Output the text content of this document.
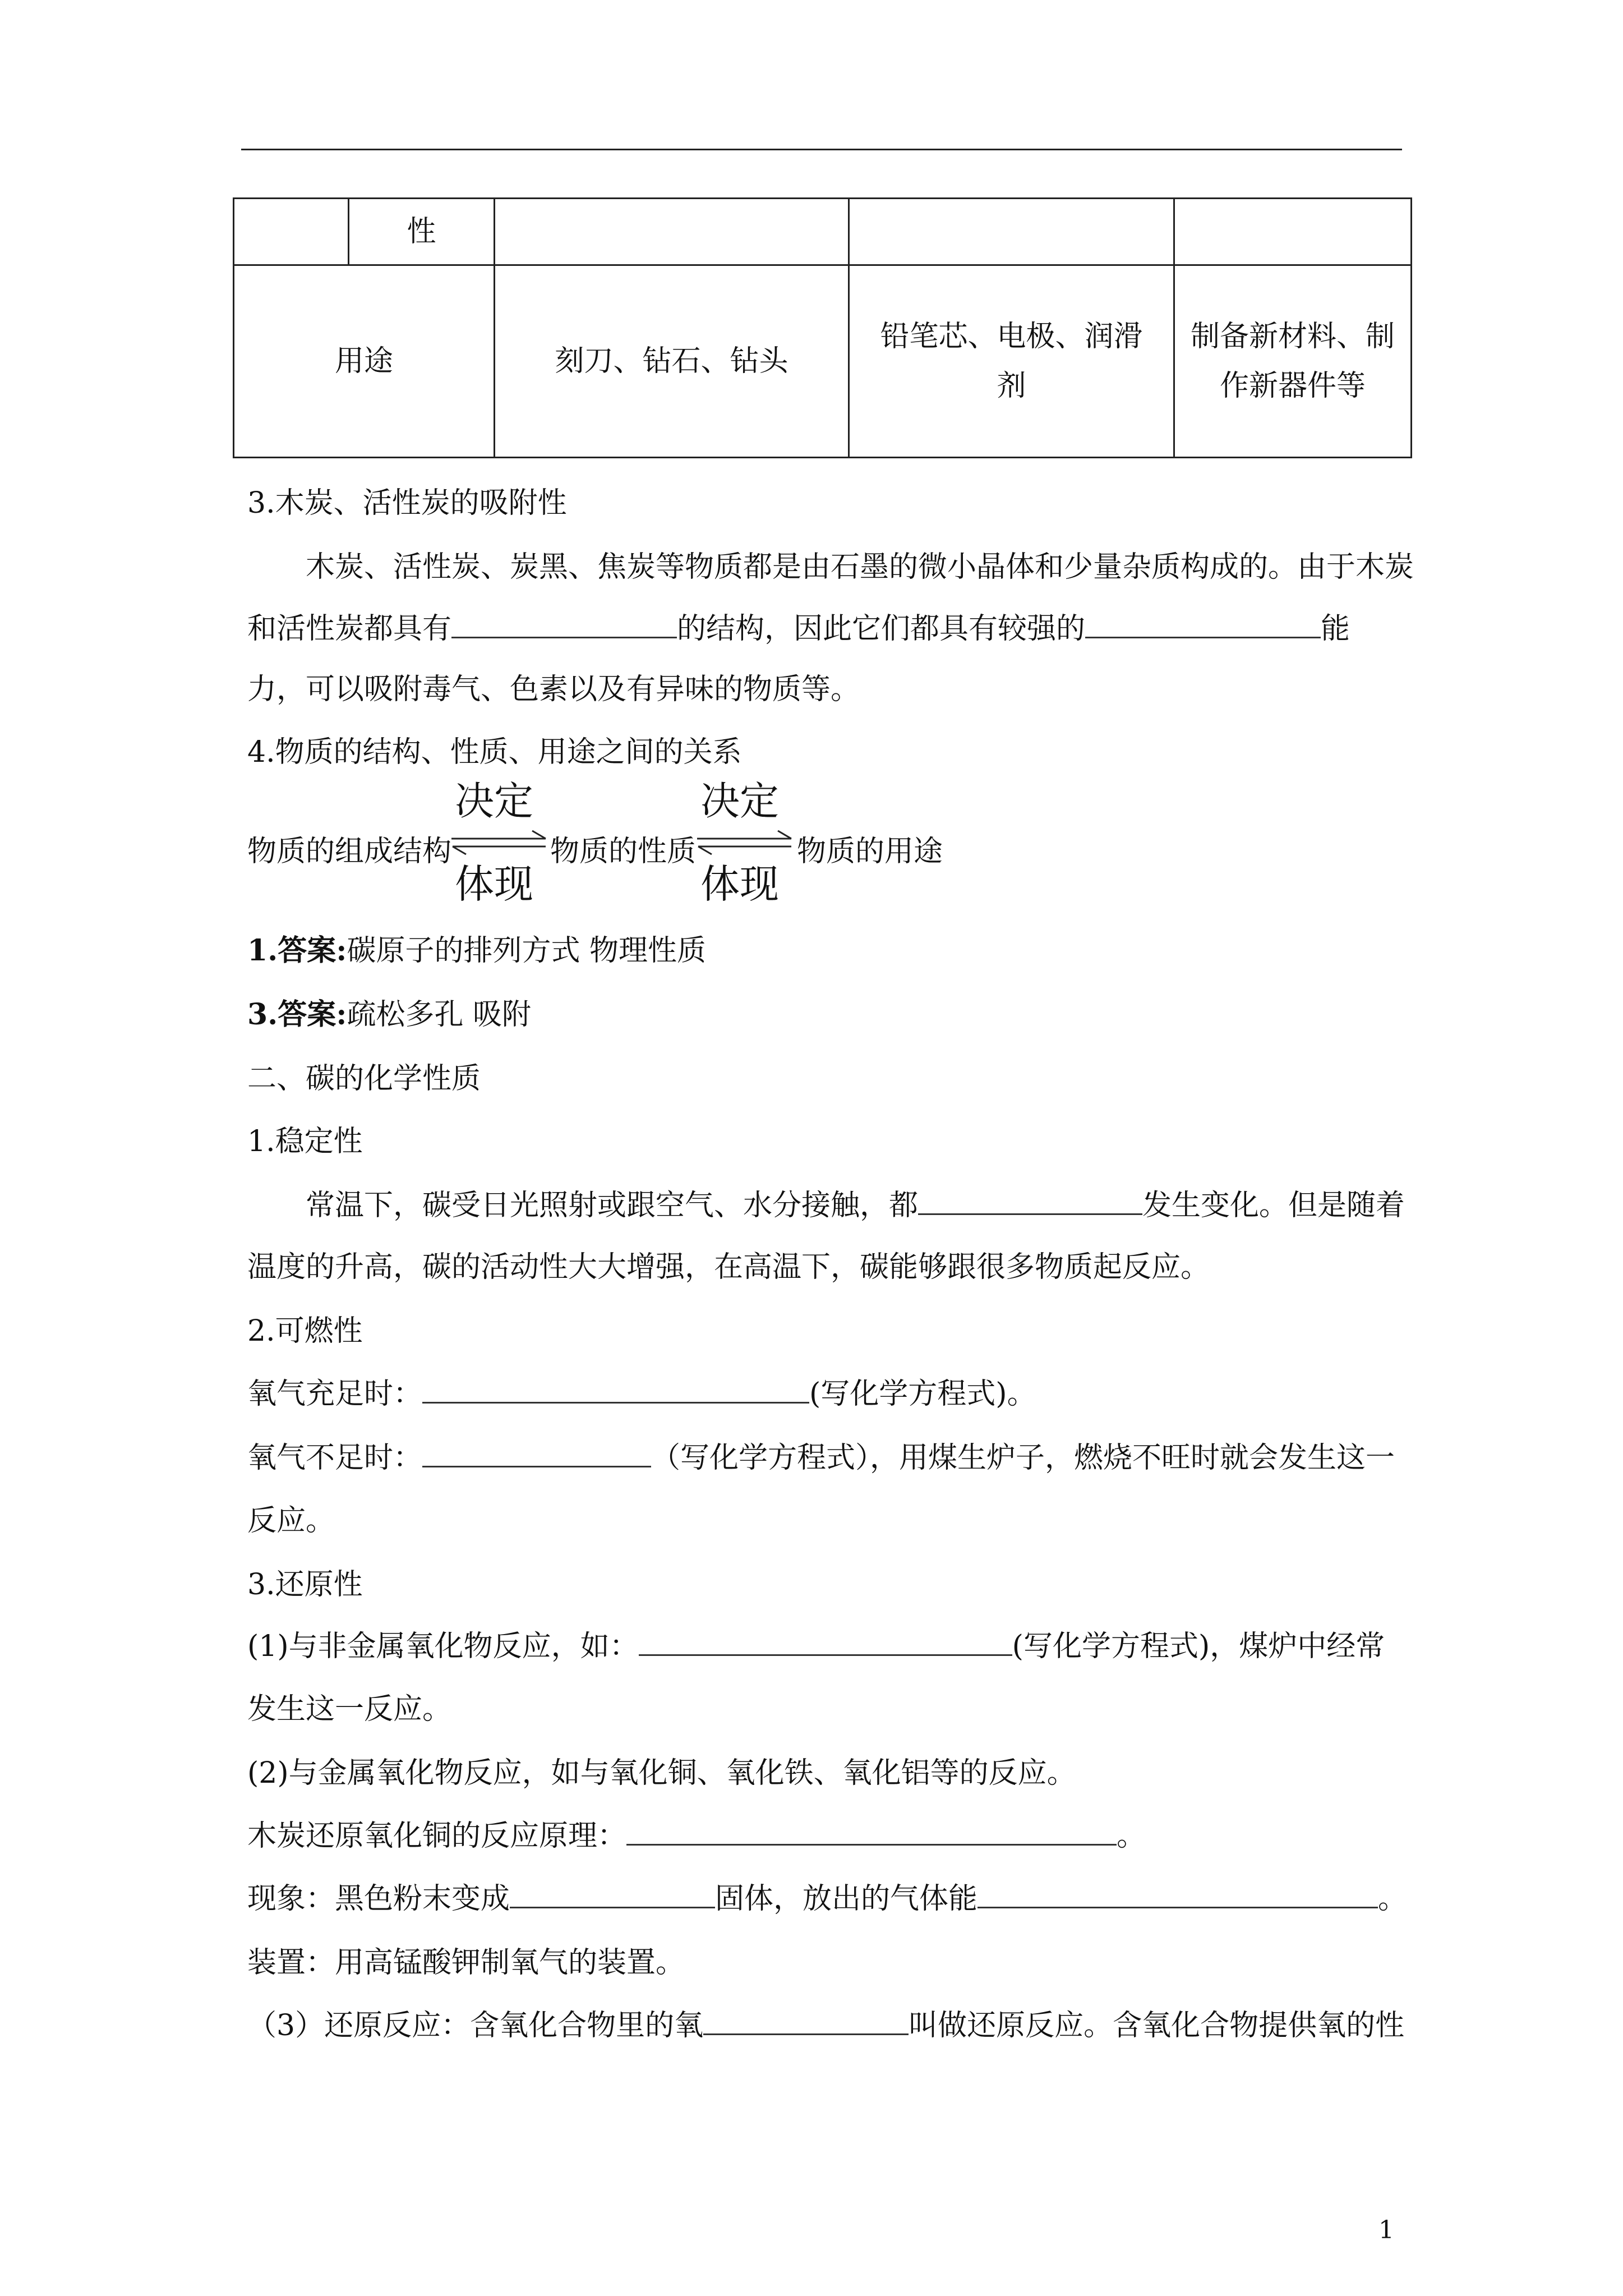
	性			
用途		刻刀、钻石、钻头	铅笔芯、电极、润滑剂	制备新材料、制作新器件等
3.木炭、活性炭的吸附性
木炭、活性炭、炭黑、焦炭等物质都是由石墨的微小晶体和少量杂质构成的。由于木炭
和活性炭都具有	的结构，因此它们都具有较强的	能
力，可以吸附毒气、色素以及有异味的物质等。
4.物质的结构、性质、用途之间的关系
物质的组成结构
决定
体现
物质的性质
决定
体现
物质的用途
1.答案:碳原子的排列方式 物理性质
3.答案:疏松多孔 吸附
二、碳的化学性质
1.稳定性
常温下，碳受日光照射或跟空气、水分接触，都	发生变化。但是随着
温度的升高，碳的活动性大大增强，在高温下，碳能够跟很多物质起反应。
2.可燃性
氧气充足时：	(写化学方程式)。
氧气不足时：	（写化学方程式），用煤生炉子，燃烧不旺时就会发生这一
反应。
3.还原性
(1)与非金属氧化物反应，如：	(写化学方程式)，煤炉中经常
发生这一反应。
(2)与金属氧化物反应，如与氧化铜、氧化铁、氧化铝等的反应。
木炭还原氧化铜的反应原理：	。
现象：黑色粉末变成	固体，放出的气体能	。
装置：用高锰酸钾制氧气的装置。
（3）还原反应：含氧化合物里的氧	叫做还原反应。含氧化合物提供氧的性
1
